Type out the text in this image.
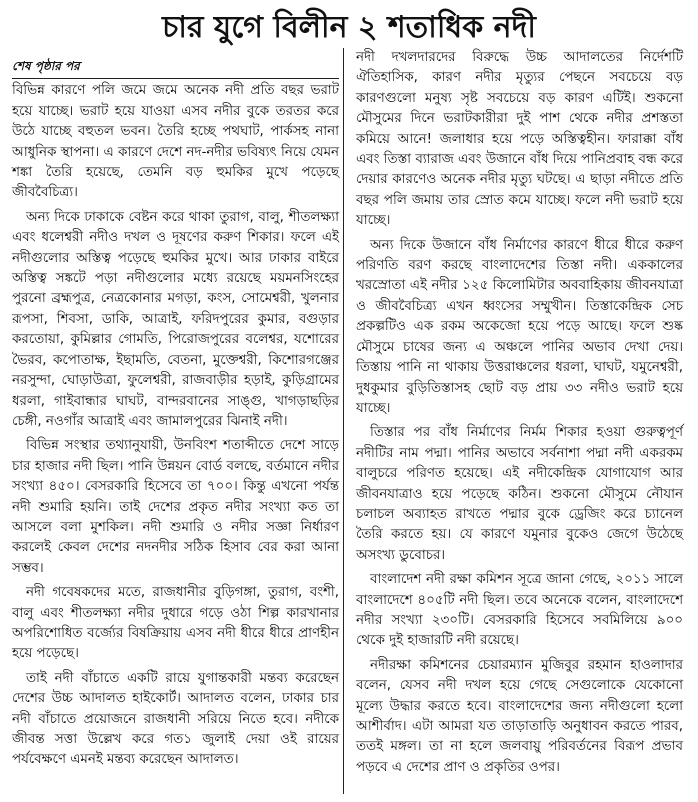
চার যুগে বিলীন ২ শতাধিক নদী
শেষ পৃষ্ঠার পর

বিভিন্ন কারণে পলি জমে জমে অনেক নদী প্রতি বছর ভরাট হয়ে যাচ্ছে। ভরাট হয়ে যাওয়া এসব নদীর বুকে তরতর করে উঠে যাচ্ছে বহুতল ভবন। তৈরি হচ্ছে পথঘাট, পার্কসহ নানা আধুনিক স্থাপনা। এ কারণে দেশে নদ-নদীর ভবিষ্যৎ নিয়ে যেমন শঙ্কা তৈরি হয়েছে, তেমনি বড় হুমকির মুখে পড়েছে জীববৈচিত্র্য।

অন্য দিকে ঢাকাকে বেষ্টন করে থাকা তুরাগ, বালু, শীতলক্ষ্যা এবং ধলেশ্বরী নদীও দখল ও দূষণের করুণ শিকার। ফলে এই নদীগুলোর অস্তিত্ব পড়েছে হুমকির মুখে। আর ঢাকার বাইরে অস্তিত্ব সঙ্কটে পড়া নদীগুলোর মধ্যে রয়েছে ময়মনসিংহের পুরনো ব্রহ্মপুত্র, নেত্রকোনার মগড়া, কংস, সোমেশ্বরী, খুলনার রূপসা, শিবসা, ডাকি, আত্রাই, ফরিদপুরের কুমার, বগুড়ার করতোয়া, কুমিল্লার গোমতি, পিরোজপুরের বলেশ্বর, যশোরের ভৈরব, কপোতাক্ষ, ইছামতি, বেতনা, মুক্তেশ্বরী, কিশোরগঞ্জের নরসুন্দা, ঘোড়াউত্রা, ফুলেশ্বরী, রাজবাড়ীর হড়াই, কুড়িগ্রামের ধরলা, গাইবান্ধার ঘাঘট, বান্দরবানের সাঙ্গু, খাগড়াছড়ির চেঙ্গী, নওগাঁর আত্রাই এবং জামালপুরের ঝিনাই নদী।

বিভিন্ন সংস্থার তথ্যানুযায়ী, উনবিংশ শতাব্দীতে দেশে সাড়ে চার হাজার নদী ছিল। পানি উন্নয়ন বোর্ড বলছে, বর্তমানে নদীর সংখ্যা ৪৫০। বেসরকারি হিসেবে তা ৭০০। কিন্তু এখনো পর্যন্ত নদী শুমারি হয়নি। তাই দেশের প্রকৃত নদীর সংখ্যা কত তা আসলে বলা মুশকিল। নদী শুমারি ও নদীর সজ্ঞা নির্ধারণ করলেই কেবল দেশের নদনদীর সঠিক হিসাব বের করা আনা সম্ভব।

নদী গবেষকদের মতে, রাজধানীর বুড়িগঙ্গা, তুরাগ, বংশী, বালু এবং শীতলক্ষ্যা নদীর দুধারে গড়ে ওঠা শিল্প কারখানার অপরিশোধিত বর্জ্যের বিষক্রিয়ায় এসব নদী ধীরে ধীরে প্রাণহীন হয়ে পড়েছে।

তাই নদী বাঁচাতে একটি রায়ে যুগান্তকারী মন্তব্য করেছেন দেশের উচ্চ আদালত হাইকোর্ট। আদালত বলেন, ঢাকার চার নদী বাঁচাতে প্রয়োজনে রাজধানী সরিয়ে নিতে হবে। নদীকে জীবন্ত সত্তা উল্লেখ করে গত১ জুলাই দেয়া ওই রায়ের পর্যবেক্ষণে এমনই মন্তব্য করেছেন আদালত।

নদী দখলদারদের বিরুদ্ধে উচ্চ আদালতের নির্দেশটি ঐতিহাসিক, কারণ নদীর মৃত্যুর পেছনে সবচেয়ে বড় কারণগুলো মনুষ্য সৃষ্ট সবচেয়ে বড় কারণ এটিই। শুকনো মৌসুমের দিনে ভরাটকারীরা দুই পাশ থেকে নদীর প্রশস্ততা কমিয়ে আনে! জলাধার হয়ে পড়ে অস্তিত্বহীন। ফারাক্কা বাঁধ এবং তিস্তা ব্যারাজ এবং উজানে বাঁধ দিয়ে পানিপ্রবাহ বন্ধ করে দেয়ার কারণেও অনেক নদীর মৃত্যু ঘটছে। এ ছাড়া নদীতে প্রতি বছর পলি জমায় তার স্রোত কমে যাচ্ছে। ফলে নদী ভরাট হয়ে যাচ্ছে।

অন্য দিকে উজানে বাঁধ নির্মাণের কারণে ধীরে ধীরে করুণ পরিণতি বরণ করছে বাংলাদেশের তিস্তা নদী। এককালের খরস্রোতা এই নদীর ১২৫ কিলোমিটার অববাহিকায় জীবনযাত্রা ও জীববৈচিত্র্য এখন ধ্বংসের সম্মুখীন। তিস্তাকেন্দ্রিক সেচ প্রকল্পটিও এক রকম অকেজো হয়ে পড়ে আছে। ফলে শুষ্ক মৌসুমে চাষের জন্য এ অঞ্চলে পানির অভাব দেখা দেয়। তিস্তায় পানি না থাকায় উত্তরাঞ্চলের ধরলা, ঘাঘট, যমুনেশ্বরী, দুধকুমার বুড়িতিস্তাসহ ছোট বড় প্রায় ৩৩ নদীও ভরাট হয়ে যাচ্ছে।

তিস্তার পর বাঁধ নির্মাণের নির্মম শিকার হওয়া গুরুত্বপূর্ণ নদীটির নাম পদ্মা। পানির অভাবে সর্বনাশা পদ্মা নদী একরকম বালুচরে পরিণত হয়েছে। এই নদীকেন্দ্রিক যোগাযোগ আর জীবনযাত্রাও হয়ে পড়েছে কঠিন। শুকনো মৌসুমে নৌযান চলাচল অব্যাহত রাখতে পদ্মার বুকে ড্রেজিং করে চ্যানেল তৈরি করতে হয়। যে কারণে যমুনার বুকেও জেগে উঠেছে অসংখ্য ডুবোচর।

বাংলাদেশ নদী রক্ষা কমিশন সূত্রে জানা গেছে, ২০১১ সালে বাংলাদেশে ৪০৫টি নদী ছিল। তবে অনেকে বলেন, বাংলাদেশে নদীর সংখ্যা ২৩০টি। বেসরকারি হিসেবে সবমিলিয়ে ৯০০ থেকে দুই হাজারটি নদী রয়েছে।

নদীরক্ষা কমিশনের চেয়ারম্যান মুজিবুর রহমান হাওলাদার বলেন, যেসব নদী দখল হয়ে গেছে সেগুলোকে যেকোনো মূল্যে উদ্ধার করতে হবে। বাংলাদেশের জন্য নদীগুলো হলো আশীর্বাদ। এটা আমরা যত তাড়াতাড়ি অনুধাবন করতে পারব, ততই মঙ্গল। তা না হলে জলবায়ু পরিবর্তনের বিরূপ প্রভাব পড়বে এ দেশের প্রাণ ও প্রকৃতির ওপর।
